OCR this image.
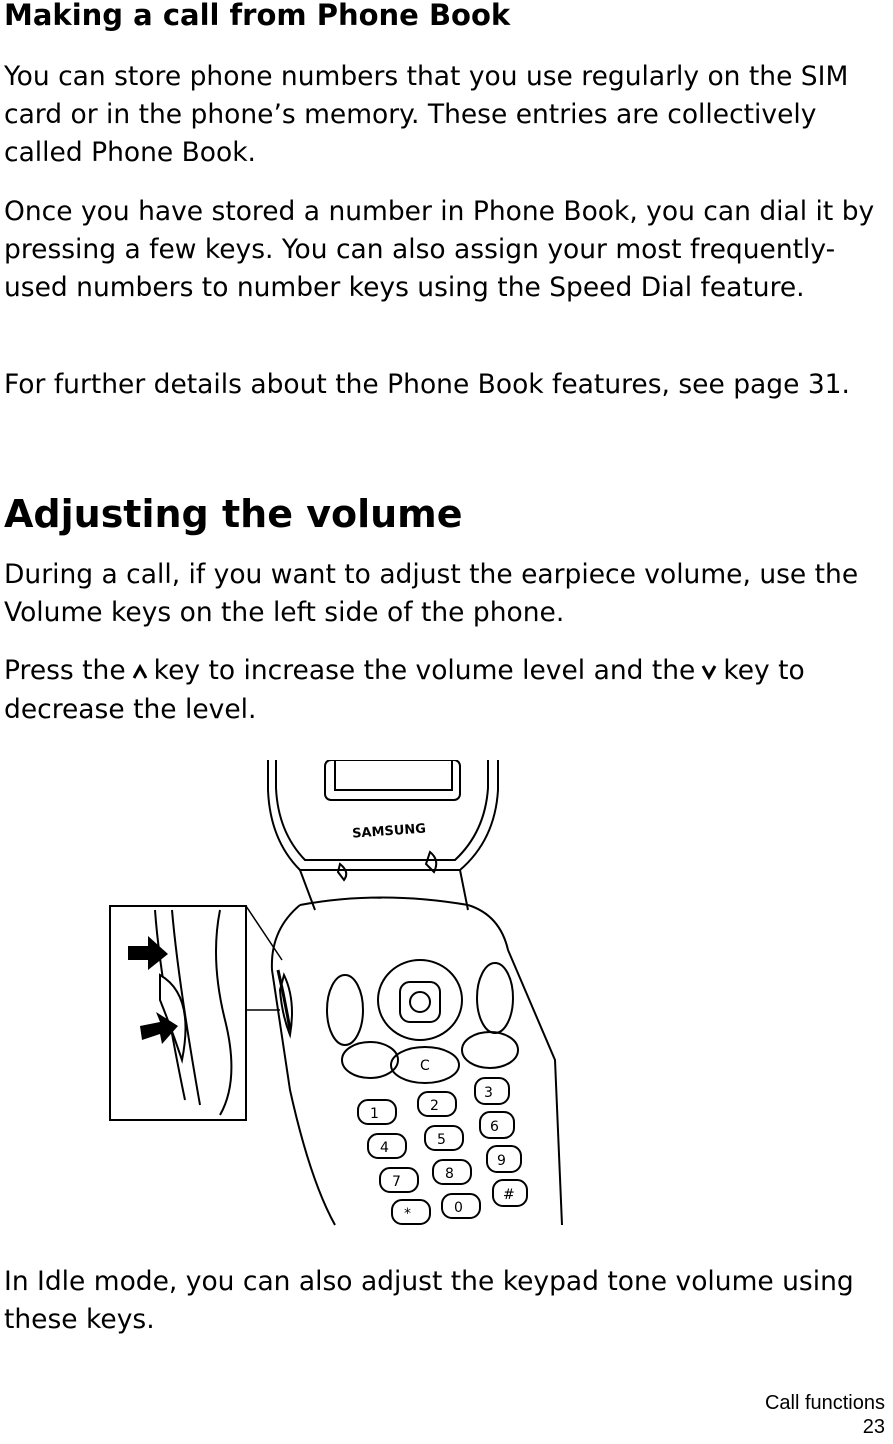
Making a call from Phone Book

You can store phone numbers that you use regularly on the SIM card or in the phone’s memory. These entries are collectively called Phone Book.

Once you have stored a number in Phone Book, you can dial it by pressing a few keys. You can also assign your most frequently-used numbers to number keys using the Speed Dial feature.

For further details about the Phone Book features, see page 31.

Adjusting the volume

During a call, if you want to adjust the earpiece volume, use the Volume keys on the left side of the phone.

Press the key to increase the volume level and the key to decrease the level.

SAMSUNG
1	2
3
4	5
6
7	8
9
*	0
#
C

In Idle mode, you can also adjust the keypad tone volume using these keys.

Call functions
23
